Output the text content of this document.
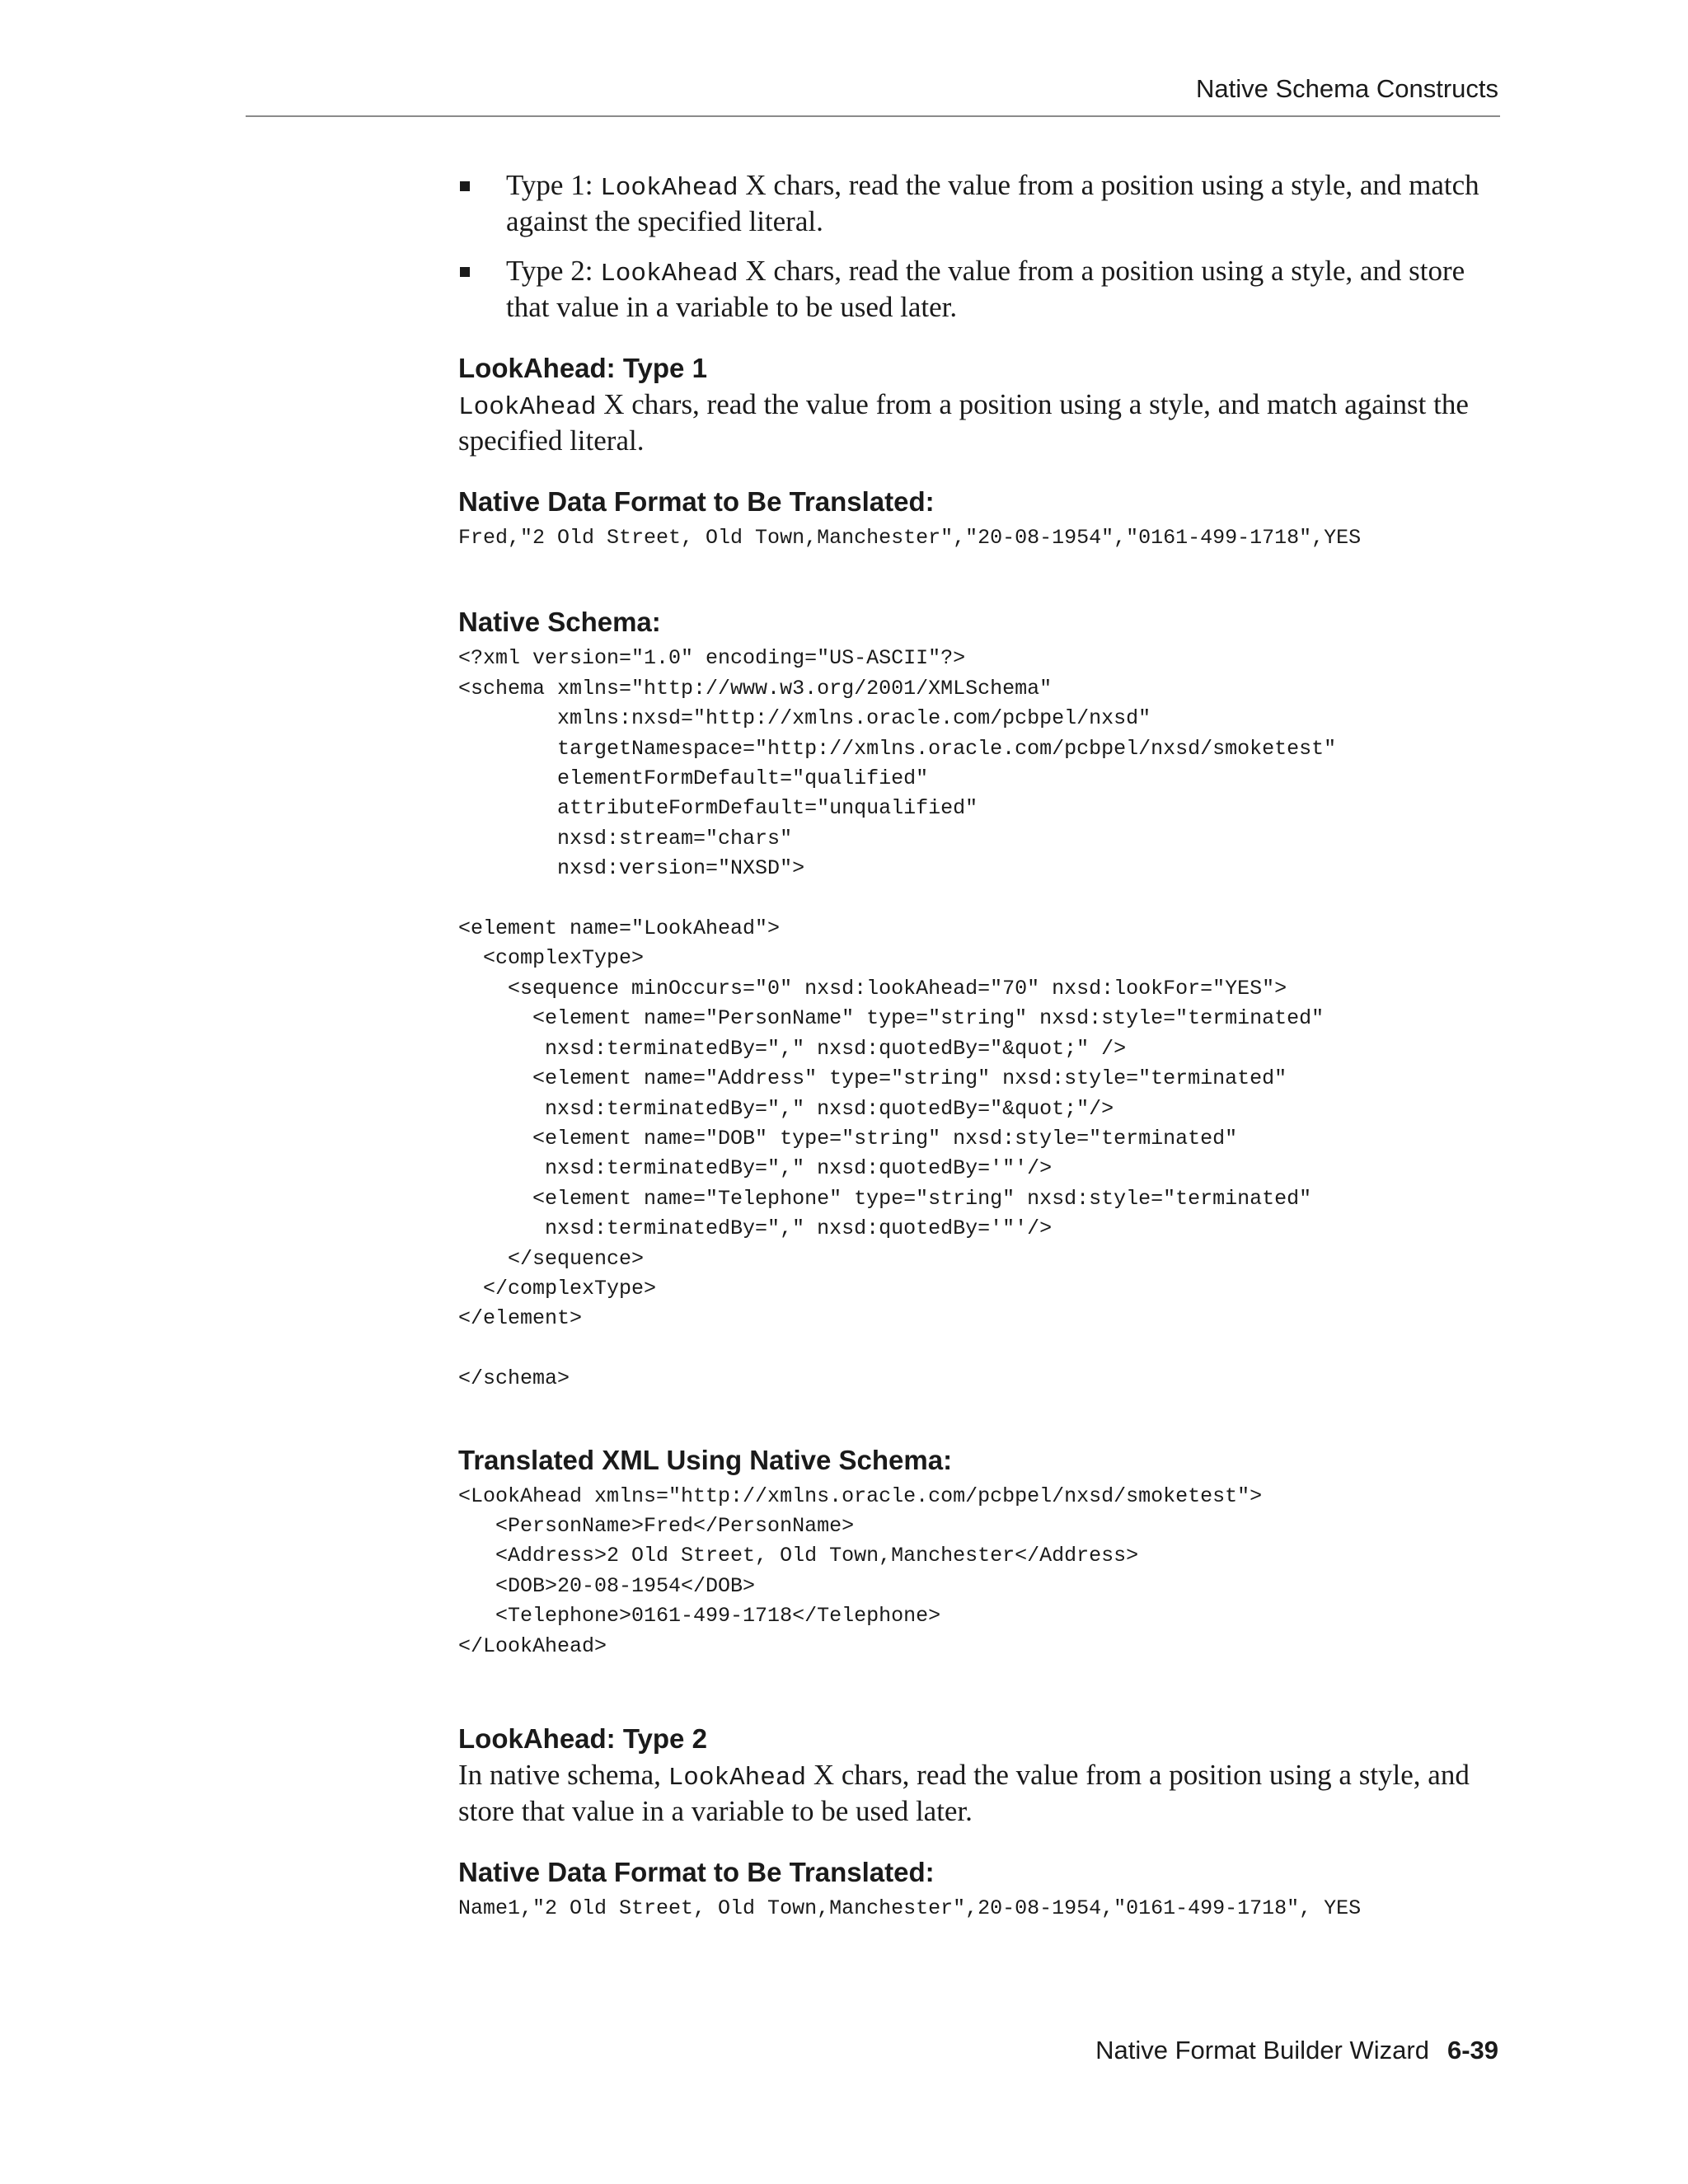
Native Schema Constructs
Type 1: LookAhead X chars, read the value from a position using a style, and match against the specified literal.
Type 2: LookAhead X chars, read the value from a position using a style, and store that value in a variable to be used later.
LookAhead: Type 1

LookAhead X chars, read the value from a position using a style, and match against the specified literal.

Native Data Format to Be Translated:
Fred,"2 Old Street, Old Town,Manchester","20-08-1954","0161-499-1718",YES
Native Schema:
<?xml version="1.0" encoding="US-ASCII"?>
<schema xmlns="http://www.w3.org/2001/XMLSchema"
xmlns:nxsd="http://xmlns.oracle.com/pcbpel/nxsd"
targetNamespace="http://xmlns.oracle.com/pcbpel/nxsd/smoketest"
elementFormDefault="qualified"
attributeFormDefault="unqualified"
nxsd:stream="chars"
nxsd:version="NXSD">

<element name="LookAhead">
<complexType>
<sequence minOccurs="0" nxsd:lookAhead="70" nxsd:lookFor="YES">
<element name="PersonName" type="string" nxsd:style="terminated"
nxsd:terminatedBy="," nxsd:quotedBy="&quot;" />
<element name="Address" type="string" nxsd:style="terminated"
nxsd:terminatedBy="," nxsd:quotedBy="&quot;"/>
<element name="DOB" type="string" nxsd:style="terminated"
nxsd:terminatedBy="," nxsd:quotedBy='"'/>
<element name="Telephone" type="string" nxsd:style="terminated"
nxsd:terminatedBy="," nxsd:quotedBy='"'/>
</sequence>
</complexType>
</element>

</schema>
Translated XML Using Native Schema:
<LookAhead xmlns="http://xmlns.oracle.com/pcbpel/nxsd/smoketest">
<PersonName>Fred</PersonName>
<Address>2 Old Street, Old Town,Manchester</Address>
<DOB>20-08-1954</DOB>
<Telephone>0161-499-1718</Telephone>
</LookAhead>
LookAhead: Type 2

In native schema, LookAhead X chars, read the value from a position using a style, and store that value in a variable to be used later.

Native Data Format to Be Translated:
Name1,"2 Old Street, Old Town,Manchester",20-08-1954,"0161-499-1718", YES
Native Format Builder Wizard 6-39
